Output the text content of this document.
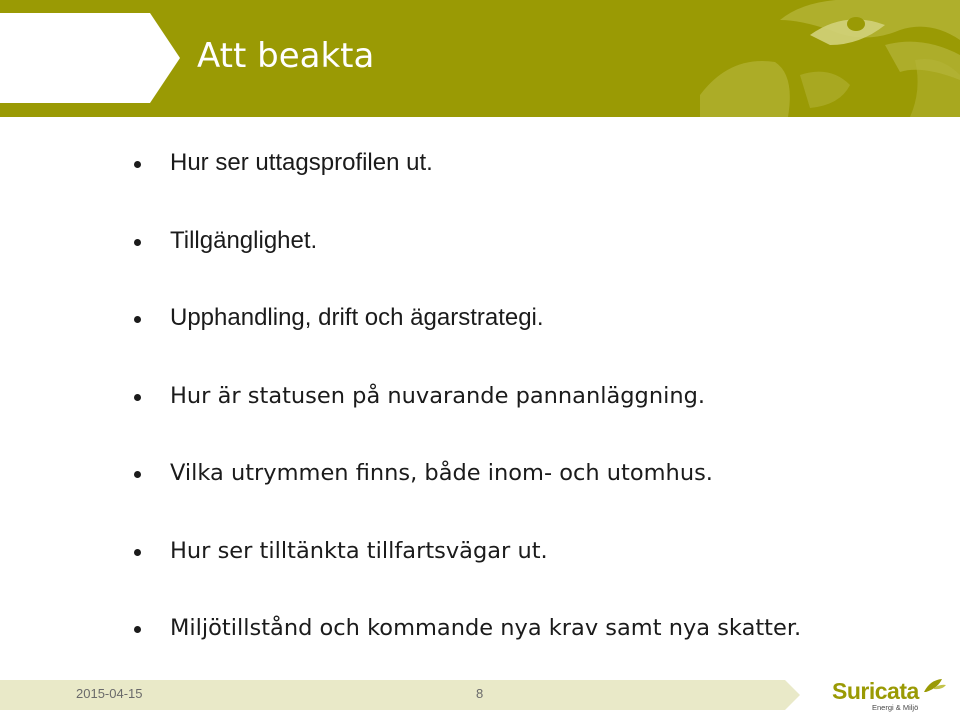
Att beakta
Hur ser uttagsprofilen ut.
Tillgänglighet.
Upphandling, drift och ägarstrategi.
Hur är statusen på nuvarande pannanläggning.
Vilka utrymmen finns, både inom- och utomhus.
Hur ser tilltänkta tillfartsvägar ut.
Miljötillstånd och kommande nya krav samt nya skatter.
2015-04-15	8	Suricata
Energi & Miljö
